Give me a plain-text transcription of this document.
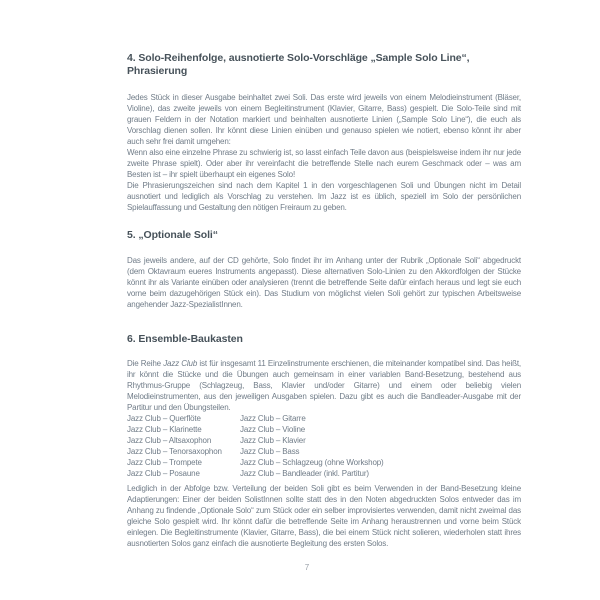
4. Solo-Reihenfolge, ausnotierte Solo-Vorschläge „Sample Solo Line“, Phrasierung

Jedes Stück in dieser Ausgabe beinhaltet zwei Soli. Das erste wird jeweils von einem Melodieinstrument (Bläser, Violine), das zweite jeweils von einem Begleitinstrument (Klavier, Gitarre, Bass) gespielt. Die Solo-Teile sind mit grauen Feldern in der Notation markiert und beinhalten ausnotierte Linien („Sample Solo Line“), die euch als Vorschlag dienen sollen. Ihr könnt diese Linien einüben und genauso spielen wie notiert, ebenso könnt ihr aber auch sehr frei damit umgehen:

Wenn also eine einzelne Phrase zu schwierig ist, so lasst einfach Teile davon aus (beispielsweise indem ihr nur jede zweite Phrase spielt). Oder aber ihr vereinfacht die betreffende Stelle nach eurem Geschmack oder – was am Besten ist – ihr spielt überhaupt ein eigenes Solo!

Die Phrasierungszeichen sind nach dem Kapitel 1 in den vorgeschlagenen Soli und Übungen nicht im Detail ausnotiert und lediglich als Vorschlag zu verstehen. Im Jazz ist es üblich, speziell im Solo der persönlichen Spielauffassung und Gestaltung den nötigen Freiraum zu geben.

5. „Optionale Soli“

Das jeweils andere, auf der CD gehörte, Solo findet ihr im Anhang unter der Rubrik „Optionale Soli“ abgedruckt (dem Oktavraum eueres Instruments angepasst). Diese alternativen Solo-Linien zu den Akkordfolgen der Stücke könnt ihr als Variante einüben oder analysieren (trennt die betreffende Seite dafür einfach heraus und legt sie euch vorne beim dazugehörigen Stück ein). Das Studium von möglichst vielen Soli gehört zur typischen Arbeitsweise angehender Jazz-SpezialistInnen.

6. Ensemble-Baukasten

Die Reihe Jazz Club ist für insgesamt 11 Einzelinstrumente erschienen, die miteinander kompatibel sind. Das heißt, ihr könnt die Stücke und die Übungen auch gemeinsam in einer variablen Band-Besetzung, bestehend aus Rhythmus-Gruppe (Schlagzeug, Bass, Klavier und/oder Gitarre) und einem oder beliebig vielen Melodieinstrumenten, aus den jeweiligen Ausgaben spielen. Dazu gibt es auch die Bandleader-Ausgabe mit der Partitur und den Übungsteilen.

Jazz Club – Querflöte
Jazz Club – Klarinette
Jazz Club – Altsaxophon
Jazz Club – Tenorsaxophon
Jazz Club – Trompete
Jazz Club – Posaune
Jazz Club – Gitarre
Jazz Club – Violine
Jazz Club – Klavier
Jazz Club – Bass
Jazz Club – Schlagzeug (ohne Workshop)
Jazz Club – Bandleader (inkl. Partitur)

Lediglich in der Abfolge bzw. Verteilung der beiden Soli gibt es beim Verwenden in der Band-Besetzung kleine Adaptierungen: Einer der beiden SolistInnen sollte statt des in den Noten abgedruckten Solos entweder das im Anhang zu findende „Optionale Solo“ zum Stück oder ein selber improvisiertes verwenden, damit nicht zweimal das gleiche Solo gespielt wird. Ihr könnt dafür die betreffende Seite im Anhang heraustrennen und vorne beim Stück einlegen. Die Begleitinstrumente (Klavier, Gitarre, Bass), die bei einem Stück nicht solieren, wiederholen statt ihres ausnotierten Solos ganz einfach die ausnotierte Begleitung des ersten Solos.

7
